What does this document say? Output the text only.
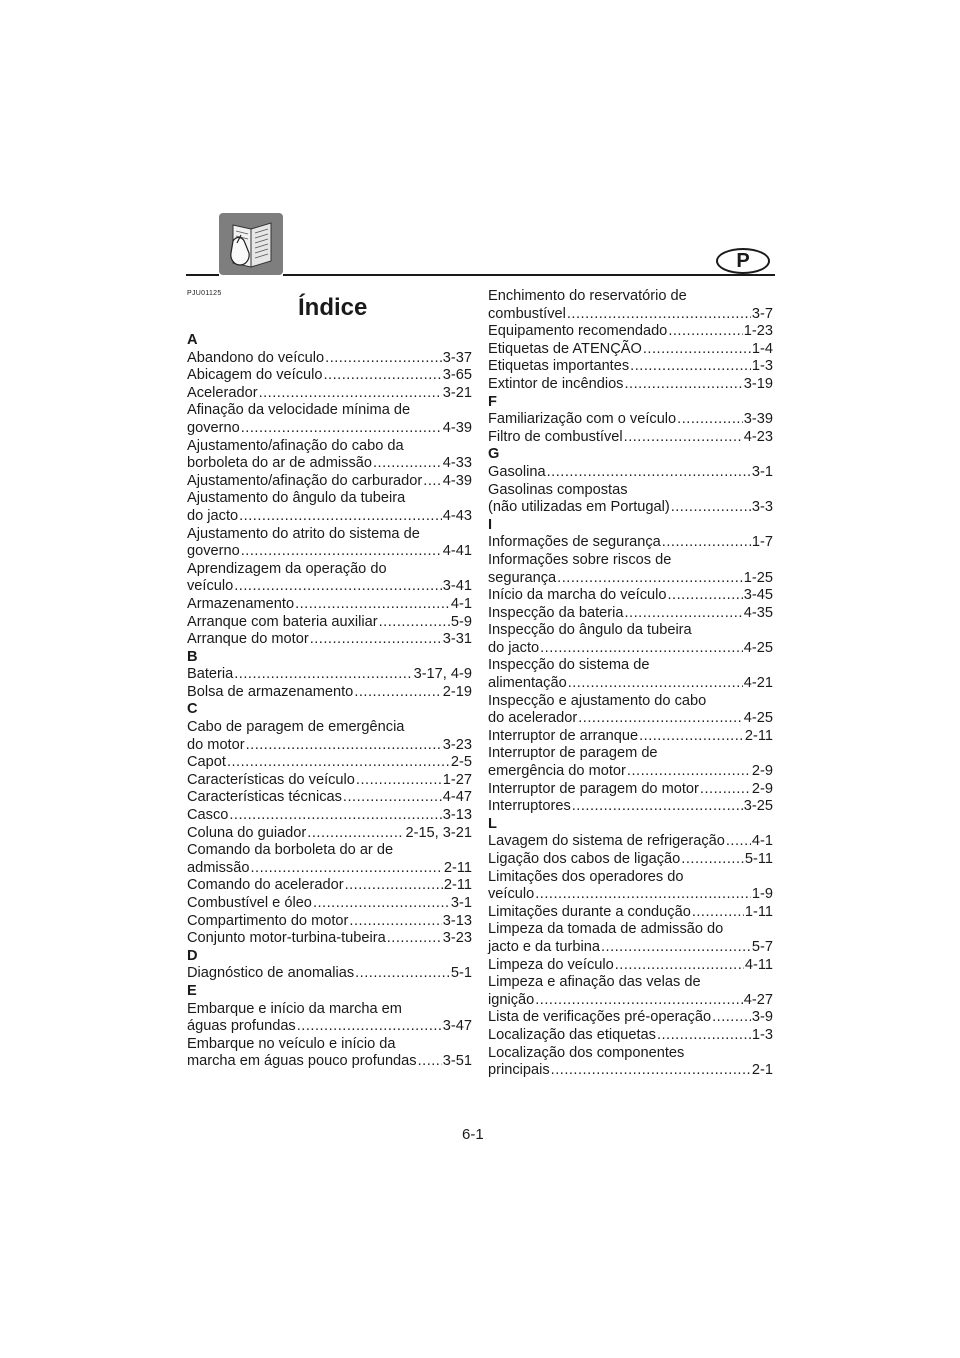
P
PJU01125
Índice
A
Abandono do veículo .....	3-37
Abicagem do veículo .....	3-65
Acelerador .....	3-21
Afinação da velocidade mínima de
governo .....	4-39
Ajustamento/afinação do cabo da
borboleta do ar de admissão .....	4-33
Ajustamento/afinação do carburador ..... 4-39
Ajustamento do ângulo da tubeira
do jacto .....	4-43
Ajustamento do atrito do sistema de
governo .....	4-41
Aprendizagem da operação do
veículo .....	3-41
Armazenamento .....	4-1
Arranque com bateria auxiliar .....	5-9
Arranque do motor .....	3-31
B
Bateria .....	3-17, 4-9
Bolsa de armazenamento .....	2-19
C
Cabo de paragem de emergência
do motor .....	3-23
Capot .....	2-5
Características do veículo .....	1-27
Características técnicas .....	4-47
Casco .....	3-13
Coluna do guiador .....	2-15, 3-21
Comando da borboleta do ar de
admissão .....	2-11
Comando do acelerador .....	2-11
Combustível e óleo .....	3-1
Compartimento do motor .....	3-13
Conjunto motor-turbina-tubeira .....	3-23
D
Diagnóstico de anomalias .....	5-1
E
Embarque e início da marcha em
águas profundas .....	3-47
Embarque no veículo e início da
marcha em águas pouco profundas ..... 3-51
Enchimento do reservatório de
combustível .....	3-7
Equipamento recomendado .....	1-23
Etiquetas de ATENÇÃO .....	1-4
Etiquetas importantes .....	1-3
Extintor de incêndios .....	3-19
F
Familiarização com o veículo .....	3-39
Filtro de combustível .....	4-23
G
Gasolina .....	3-1
Gasolinas compostas
(não utilizadas em Portugal) .....	3-3
I
Informações de segurança .....	1-7
Informações sobre riscos de
segurança .....	1-25
Início da marcha do veículo .....	3-45
Inspecção da bateria .....	4-35
Inspecção do ângulo da tubeira
do jacto .....	4-25
Inspecção do sistema de
alimentação .....	4-21
Inspecção e ajustamento do cabo
do acelerador .....	4-25
Interruptor de arranque .....	2-11
Interruptor de paragem de
emergência do motor .....	2-9
Interruptor de paragem do motor .....	2-9
Interruptores .....	3-25
L
Lavagem do sistema de refrigeração ..... 4-1
Ligação dos cabos de ligação .....	5-11
Limitações dos operadores do
veículo .....	1-9
Limitações durante a condução .....	1-11
Limpeza da tomada de admissão do
jacto e da turbina .....	5-7
Limpeza do veículo .....	4-11
Limpeza e afinação das velas de
ignição .....	4-27
Lista de verificações pré-operação .....	3-9
Localização das etiquetas .....	1-3
Localização dos componentes
principais .....	2-1
6-1
